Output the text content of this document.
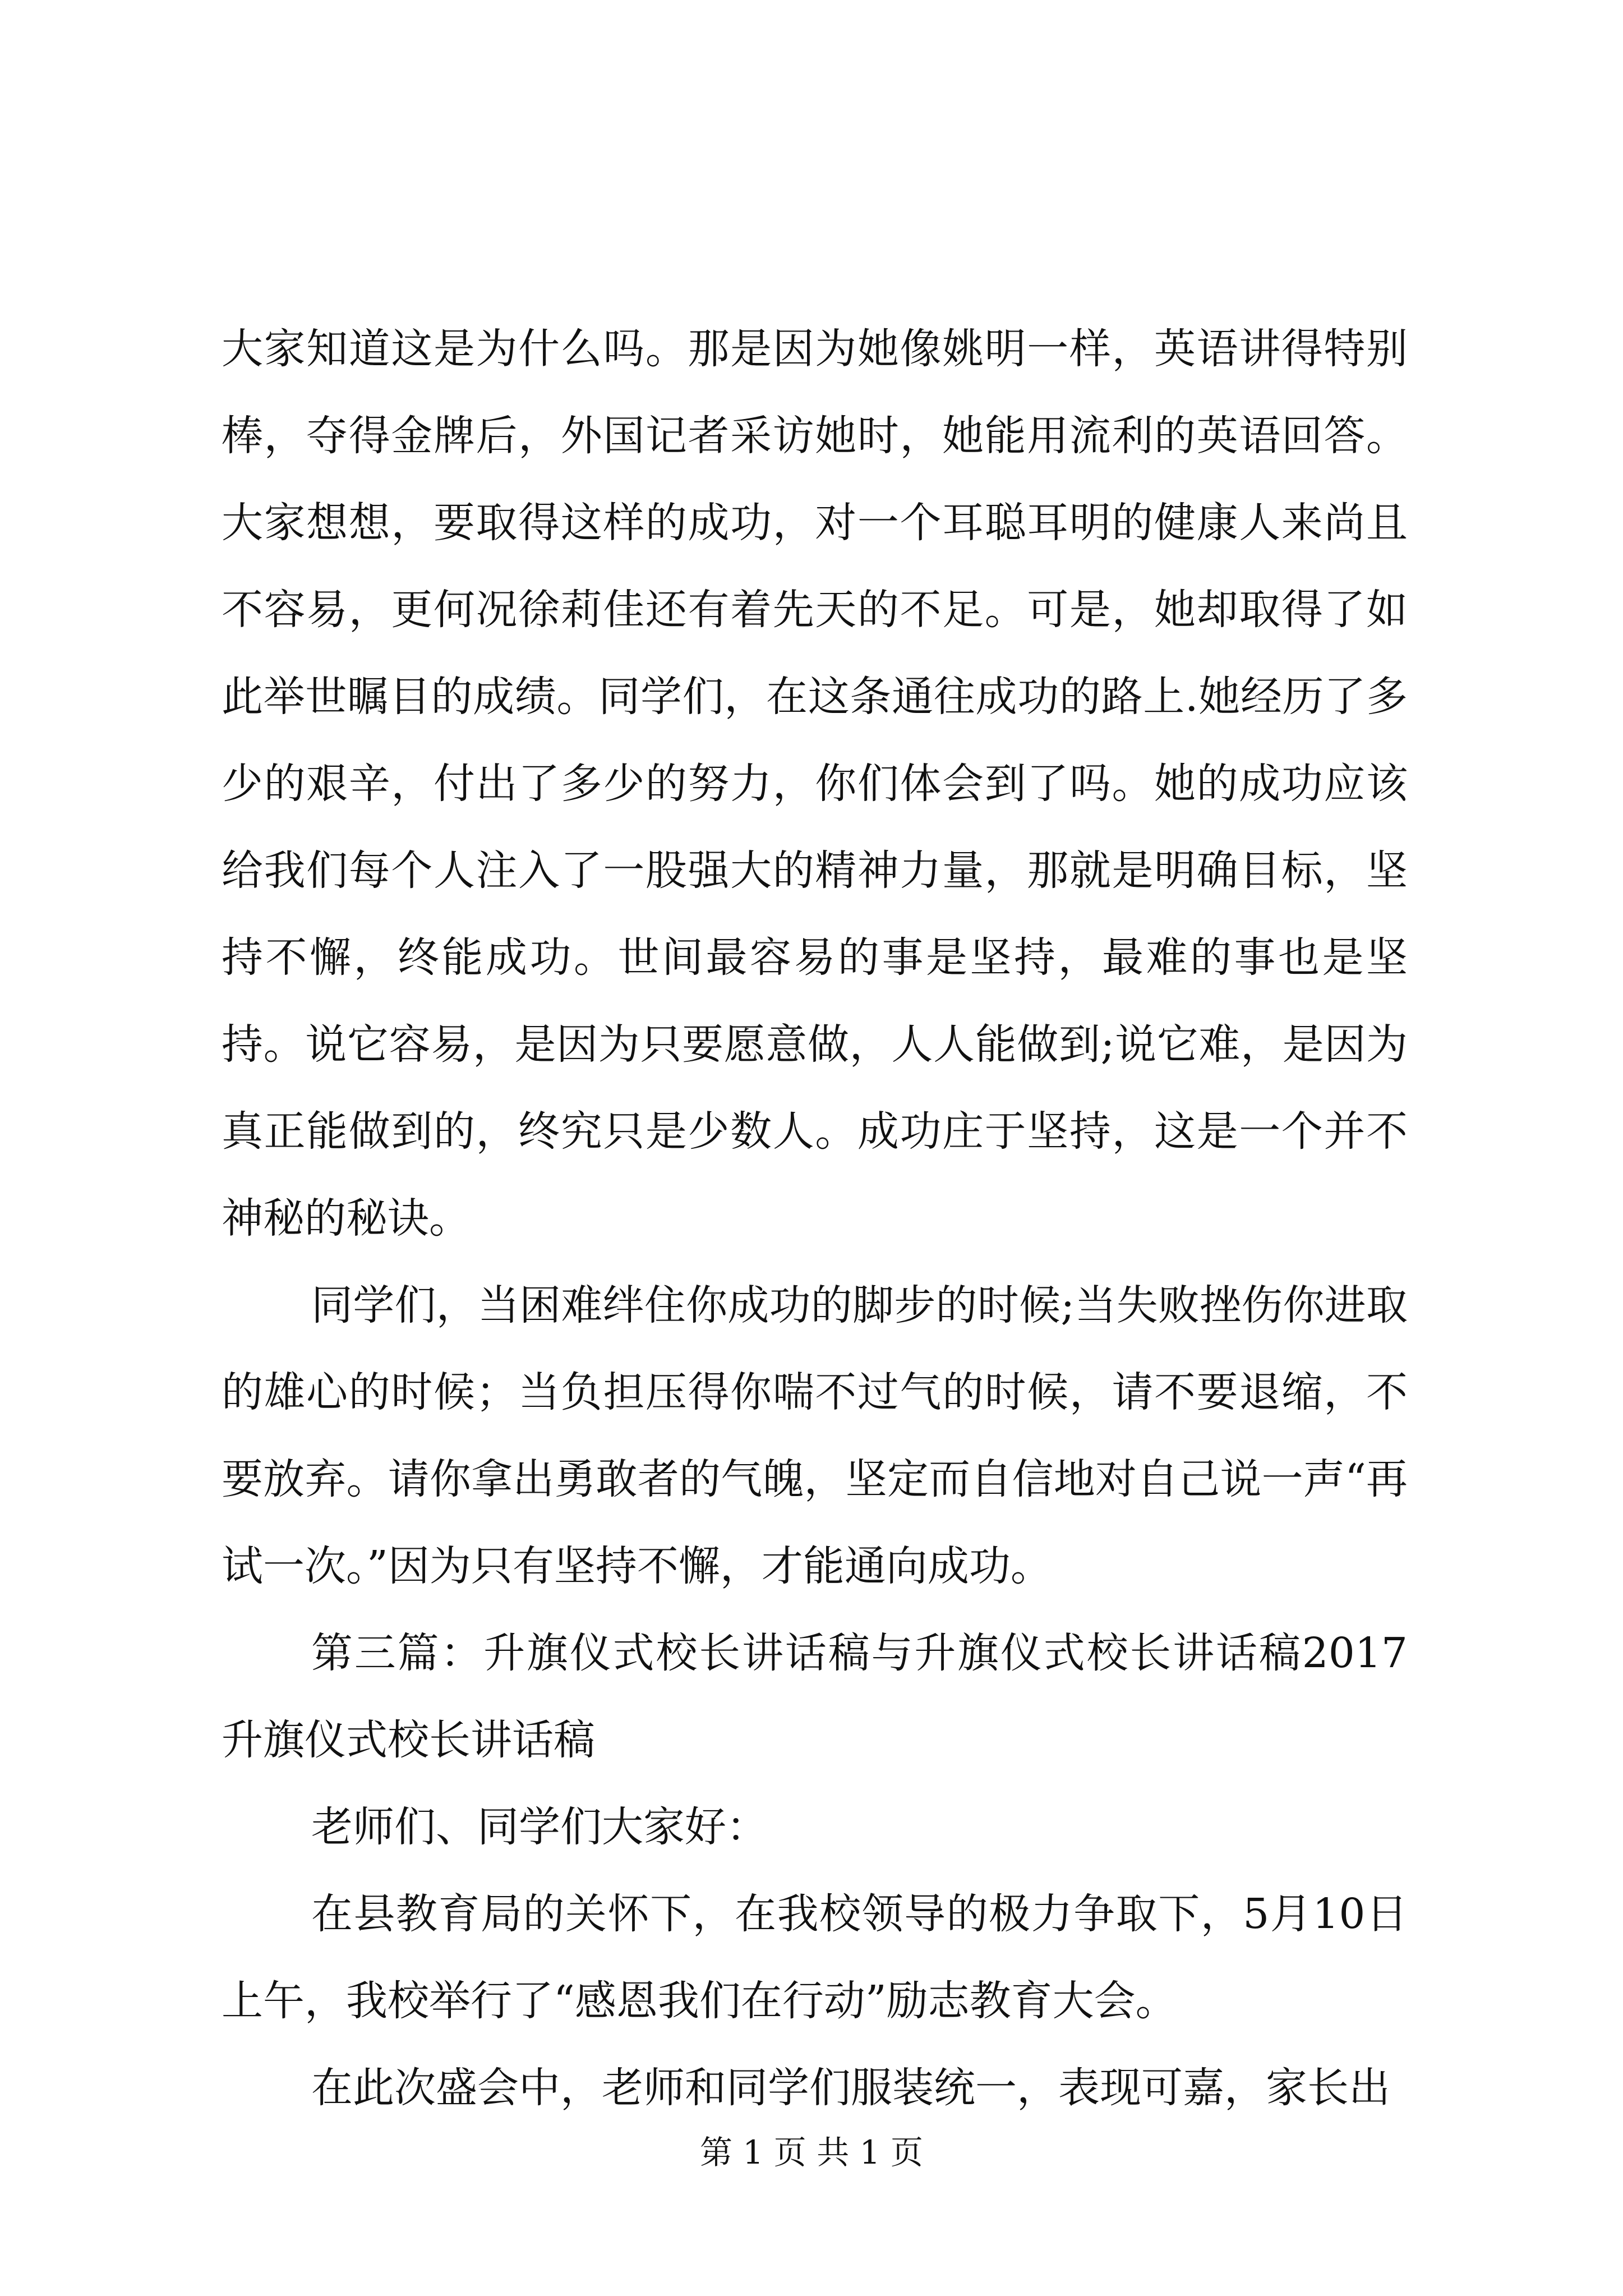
大家知道这是为什么吗。那是因为她像姚明一样，英语讲得特别棒，夺得金牌后，外国记者采访她时，她能用流利的英语回答。大家想想，要取得这样的成功，对一个耳聪耳明的健康人来尚且不容易，更何况徐莉佳还有着先天的不足。可是，她却取得了如此举世瞩目的成绩。同学们，在这条通往成功的路上.她经历了多少的艰辛，付出了多少的努力，你们体会到了吗。她的成功应该给我们每个人注入了一股强大的精神力量，那就是明确目标，坚持不懈，终能成功。世间最容易的事是坚持，最难的事也是坚持。说它容易，是因为只要愿意做，人人能做到;说它难，是因为真正能做到的，终究只是少数人。成功庄于坚持，这是一个并不神秘的秘诀。

同学们，当困难绊住你成功的脚步的时候;当失败挫伤你进取的雄心的时候；当负担压得你喘不过气的时候，请不要退缩，不要放弃。请你拿出勇敢者的气魄，坚定而自信地对自己说一声“再试一次。”因为只有坚持不懈，才能通向成功。

第三篇：升旗仪式校长讲话稿与升旗仪式校长讲话稿2017升旗仪式校长讲话稿

老师们、同学们大家好：

在县教育局的关怀下，在我校领导的极力争取下，5月10日上午，我校举行了“感恩我们在行动”励志教育大会。

在此次盛会中，老师和同学们服装统一，表现可嘉，家长出

第 1 页 共 1 页
